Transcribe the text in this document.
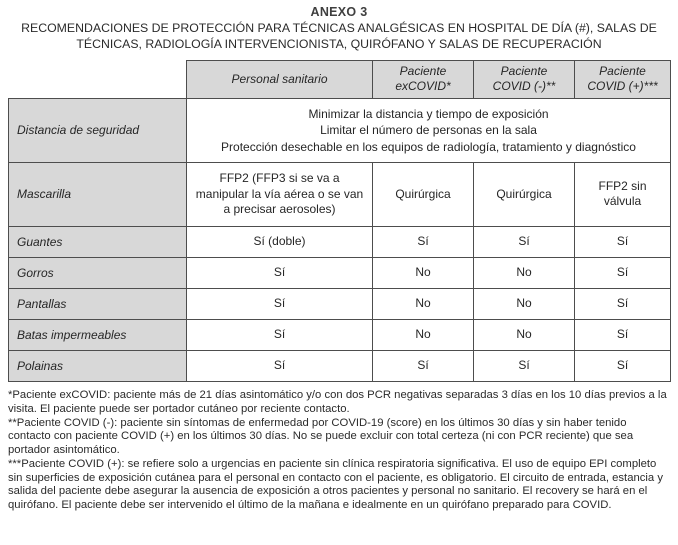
ANEXO 3
RECOMENDACIONES DE PROTECCIÓN PARA TÉCNICAS ANALGÉSICAS EN HOSPITAL DE DÍA (#), SALAS DE TÉCNICAS, RADIOLOGÍA INTERVENCIONISTA, QUIRÓFANO Y SALAS DE RECUPERACIÓN
	Personal sanitario	Paciente exCOVID*	Paciente COVID (-)**	Paciente COVID (+)***
Distancia de seguridad	Minimizar la distancia y tiempo de exposición
Limitar el número de personas en la sala
Protección desechable en los equipos de radiología, tratamiento y diagnóstico			

Mascarilla	FFP2 (FFP3 si se va a manipular la vía aérea o se van a precisar aerosoles)	Quirúrgica	Quirúrgica	FFP2 sin válvula
Guantes	Sí (doble)	Sí	Sí	Sí
Gorros	Sí	No	No	Sí
Pantallas	Sí	No	No	Sí
Batas impermeables	Sí	No	No	Sí
Polainas	Sí	Sí	Sí	Sí

*Paciente exCOVID: paciente más de 21 días asintomático y/o con dos PCR negativas separadas 3 días en los 10 días previos a la visita. El paciente puede ser portador cutáneo por reciente contacto.

**Paciente COVID (-): paciente sin síntomas de enfermedad por COVID-19 (score) en los últimos 30 días y sin haber tenido contacto con paciente COVID (+) en los últimos 30 días. No se puede excluir con total certeza (ni con PCR reciente) que sea portador asintomático.

***Paciente COVID (+): se refiere solo a urgencias en paciente sin clínica respiratoria significativa. El uso de equipo EPI completo sin superficies de exposición cutánea para el personal en contacto con el paciente, es obligatorio. El circuito de entrada, estancia y salida del paciente debe asegurar la ausencia de exposición a otros pacientes y personal no sanitario. El recovery se hará en el quirófano. El paciente debe ser intervenido el último de la mañana e idealmente en un quirófano preparado para COVID.
